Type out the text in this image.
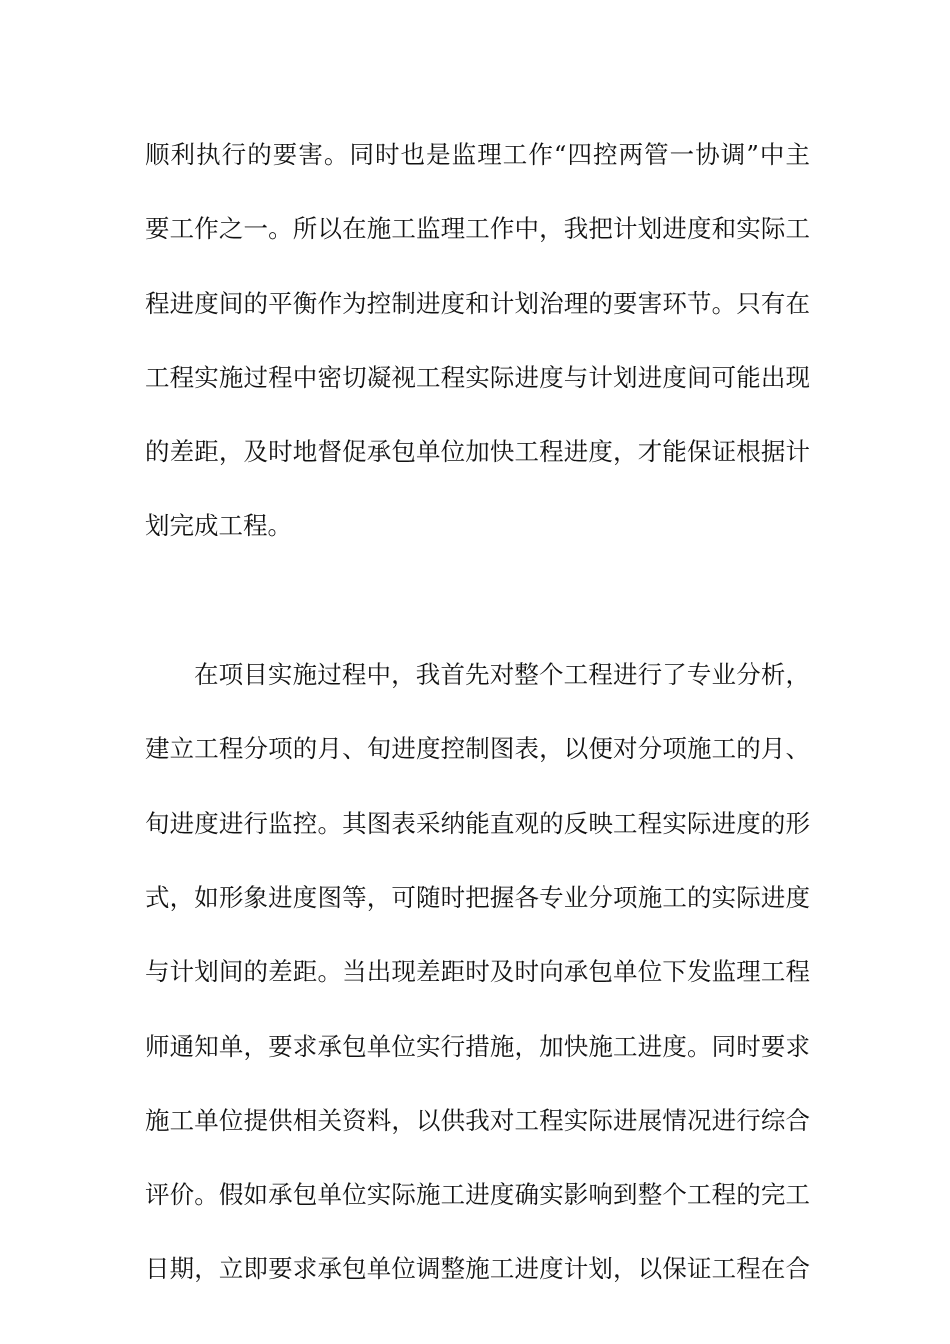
顺利执行的要害。同时也是监理工作“四控两管一协调”中主
要工作之一。所以在施工监理工作中，我把计划进度和实际工
程进度间的平衡作为控制进度和计划治理的要害环节。只有在
工程实施过程中密切凝视工程实际进度与计划进度间可能出现
的差距，及时地督促承包单位加快工程进度，才能保证根据计
划完成工程。
在项目实施过程中，我首先对整个工程进行了专业分析，
建立工程分项的月、旬进度控制图表，以便对分项施工的月、
旬进度进行监控。其图表采纳能直观的反映工程实际进度的形
式，如形象进度图等，可随时把握各专业分项施工的实际进度
与计划间的差距。当出现差距时及时向承包单位下发监理工程
师通知单，要求承包单位实行措施，加快施工进度。同时要求
施工单位提供相关资料，以供我对工程实际进展情况进行综合
评价。假如承包单位实际施工进度确实影响到整个工程的完工
日期，立即要求承包单位调整施工进度计划，以保证工程在合
